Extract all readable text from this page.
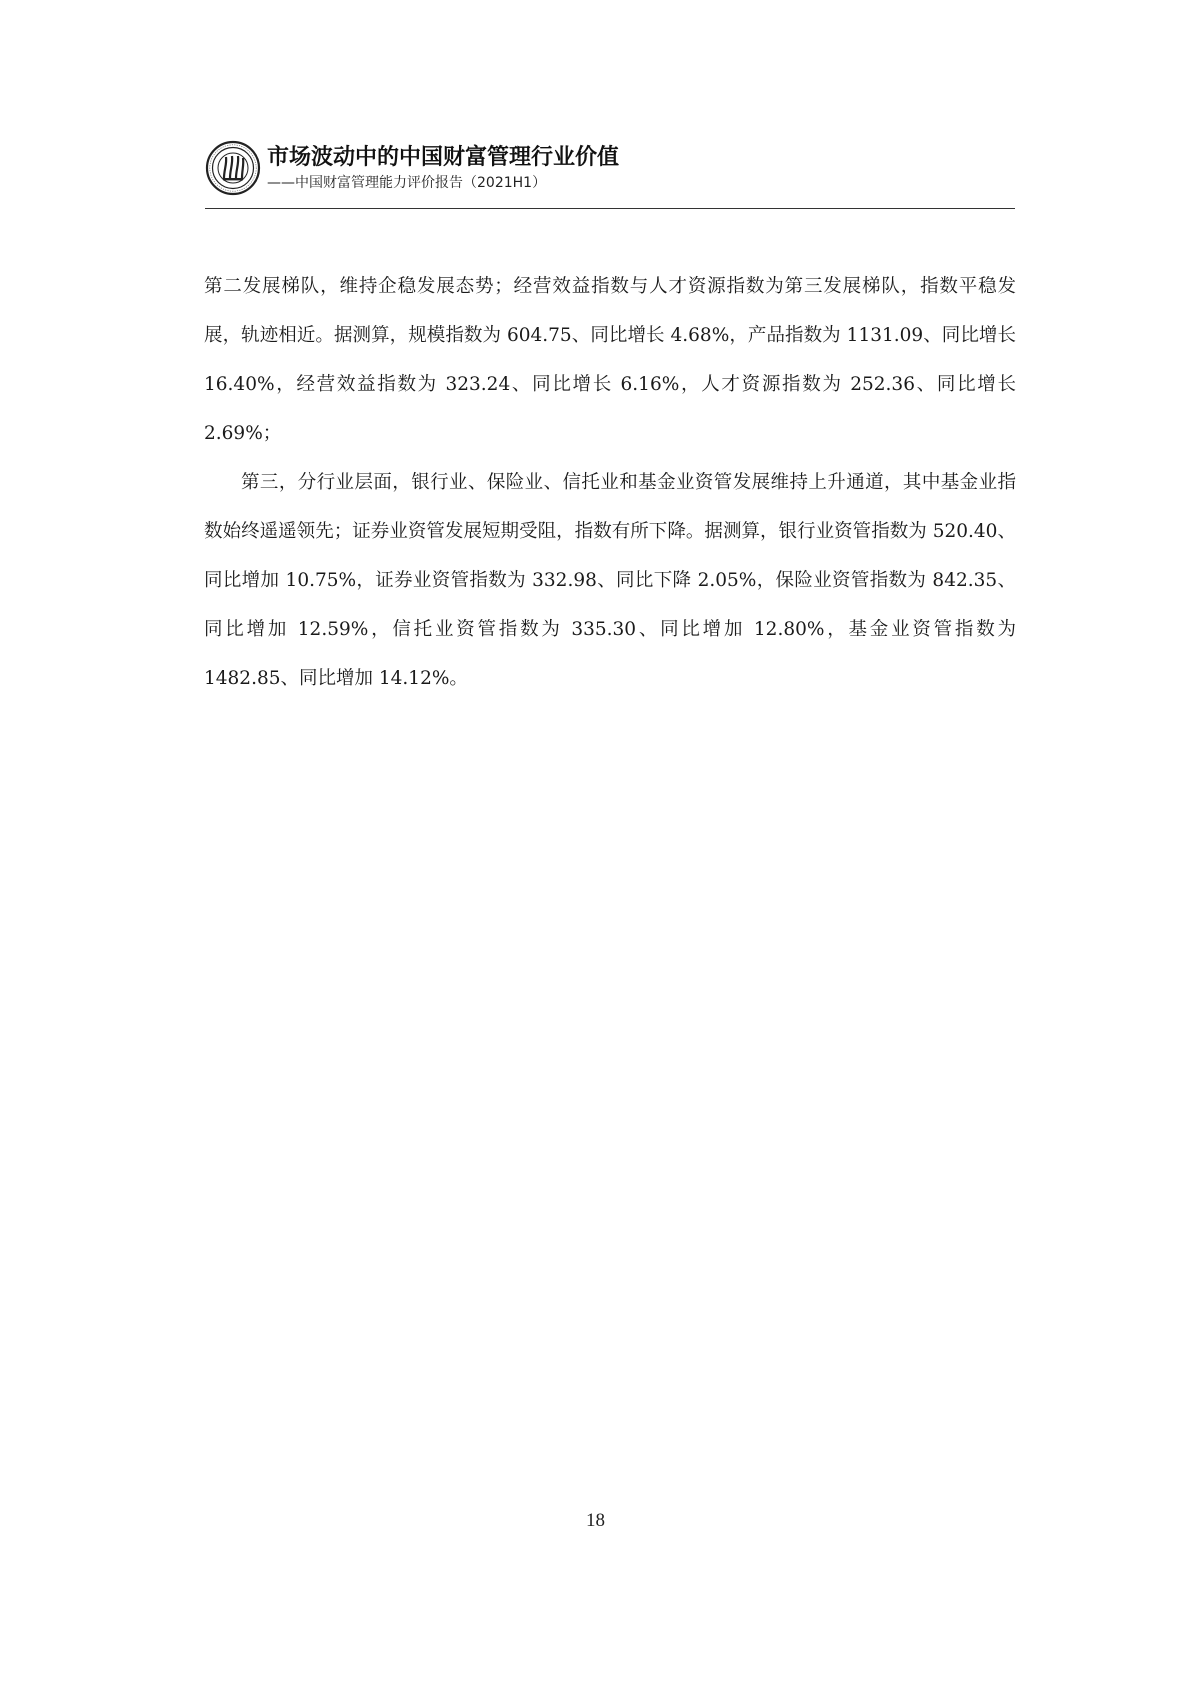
市场波动中的中国财富管理行业价值
——中国财富管理能力评价报告（2021H1）

第二发展梯队，维持企稳发展态势；经营效益指数与人才资源指数为第三发展梯队，指数平稳发展，轨迹相近。据测算，规模指数为 604.75、同比增长 4.68%，产品指数为 1131.09、同比增长 16.40%，经营效益指数为 323.24、同比增长 6.16%，人才资源指数为 252.36、同比增长 2.69%；

第三，分行业层面，银行业、保险业、信托业和基金业资管发展维持上升通道，其中基金业指数始终遥遥领先；证券业资管发展短期受阻，指数有所下降。据测算，银行业资管指数为 520.40、同比增加 10.75%，证券业资管指数为 332.98、同比下降 2.05%，保险业资管指数为 842.35、同比增加 12.59%，信托业资管指数为 335.30、同比增加 12.80%，基金业资管指数为 1482.85、同比增加 14.12%。

18
